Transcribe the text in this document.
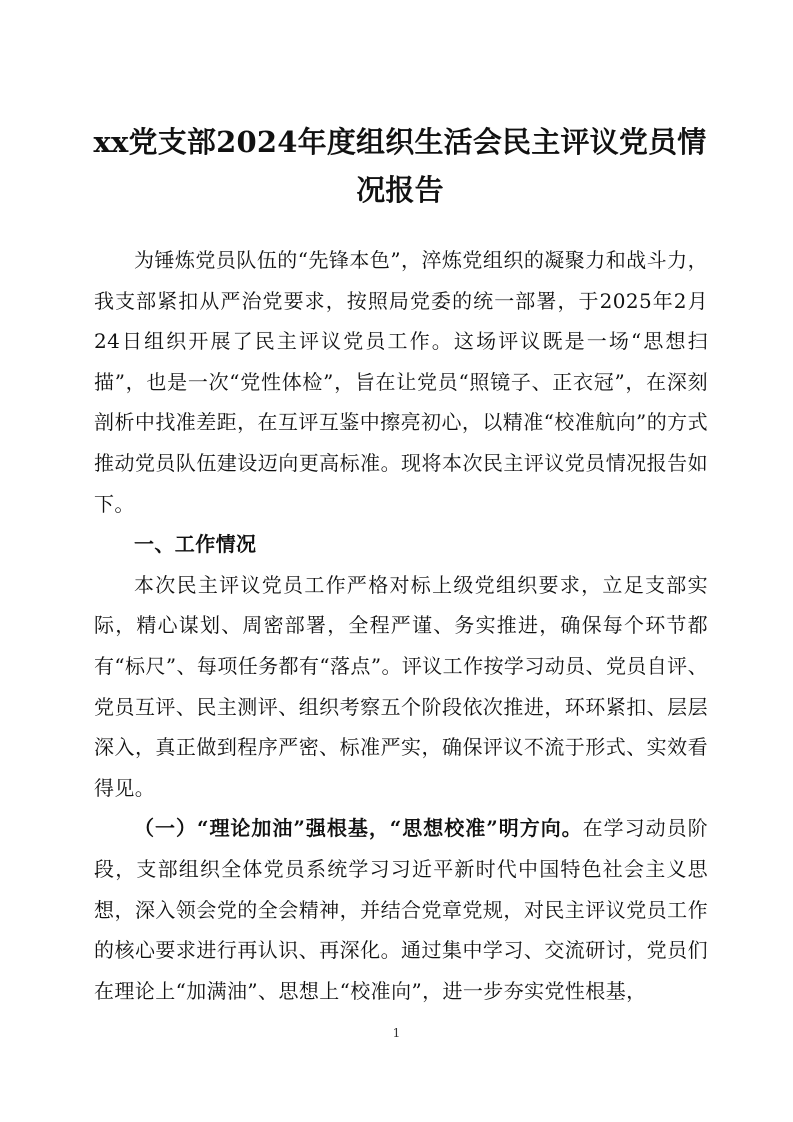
xx党支部2024年度组织生活会民主评议党员情况报告

为锤炼党员队伍的“先锋本色”，淬炼党组织的凝聚力和战斗力，我支部紧扣从严治党要求，按照局党委的统一部署，于2025年2月24日组织开展了民主评议党员工作。这场评议既是一场“思想扫描”，也是一次“党性体检”，旨在让党员“照镜子、正衣冠”，在深刻剖析中找准差距，在互评互鉴中擦亮初心，以精准“校准航向”的方式推动党员队伍建设迈向更高标准。现将本次民主评议党员情况报告如下。

一、工作情况

本次民主评议党员工作严格对标上级党组织要求，立足支部实际，精心谋划、周密部署，全程严谨、务实推进，确保每个环节都有“标尺”、每项任务都有“落点”。评议工作按学习动员、党员自评、党员互评、民主测评、组织考察五个阶段依次推进，环环紧扣、层层深入，真正做到程序严密、标准严实，确保评议不流于形式、实效看得见。

（一）“理论加油”强根基，“思想校准”明方向。在学习动员阶段，支部组织全体党员系统学习习近平新时代中国特色社会主义思想，深入领会党的全会精神，并结合党章党规，对民主评议党员工作的核心要求进行再认识、再深化。通过集中学习、交流研讨，党员们在理论上“加满油”、思想上“校准向”，进一步夯实党性根基，

1
